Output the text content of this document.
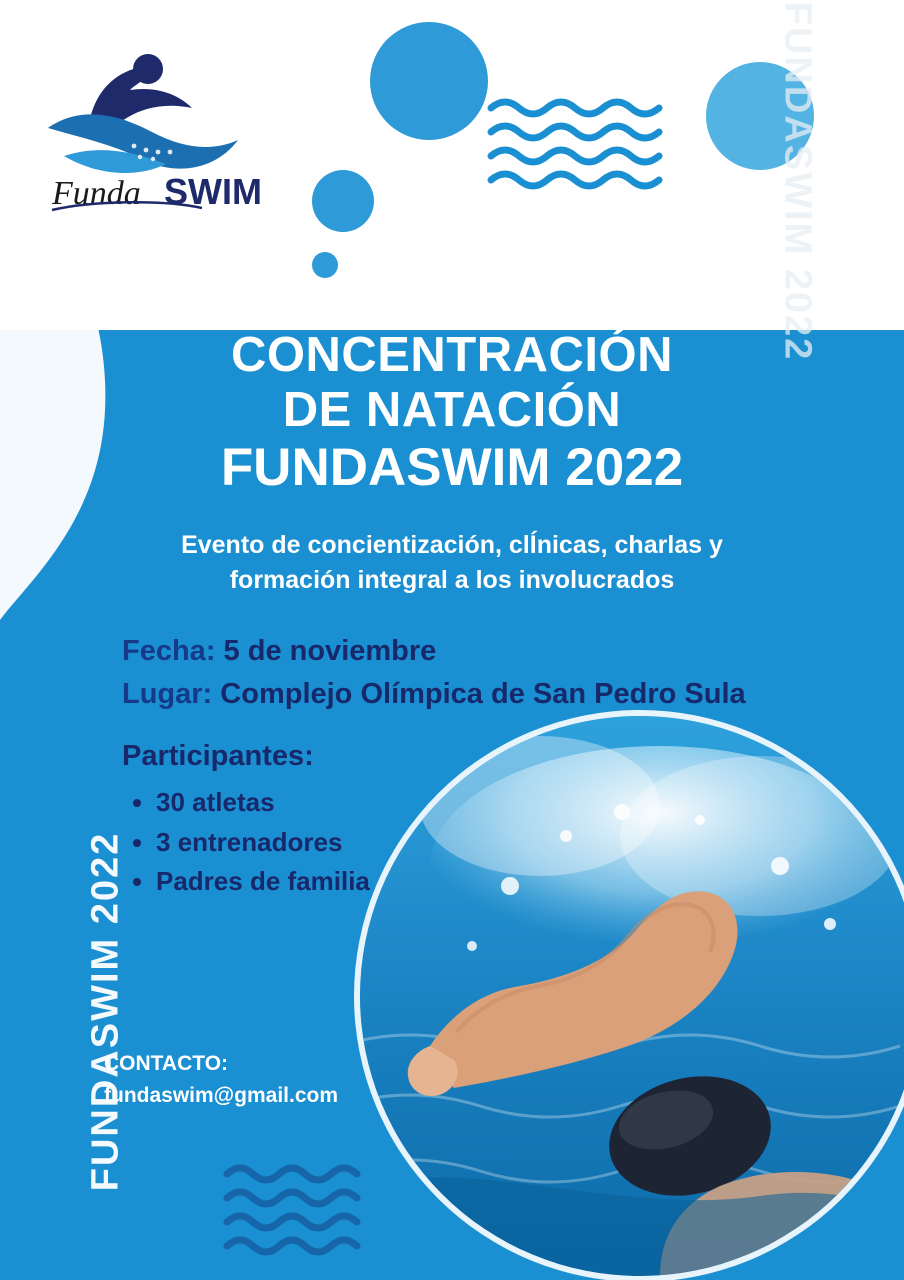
FUNDASWIM 2022
FUNDASWIM 2022
Funda SWIM
CONCENTRACIÓN
DE NATACIÓN
FUNDASWIM 2022
Evento de concientización, clÍnicas, charlas y
formación integral a los involucrados
Fecha: 5 de noviembre
Lugar: Complejo Olímpica de San Pedro Sula
Participantes:
• 30 atletas
• 3 entrenadores
• Padres de familia
CONTACTO:
fundaswim@gmail.com
